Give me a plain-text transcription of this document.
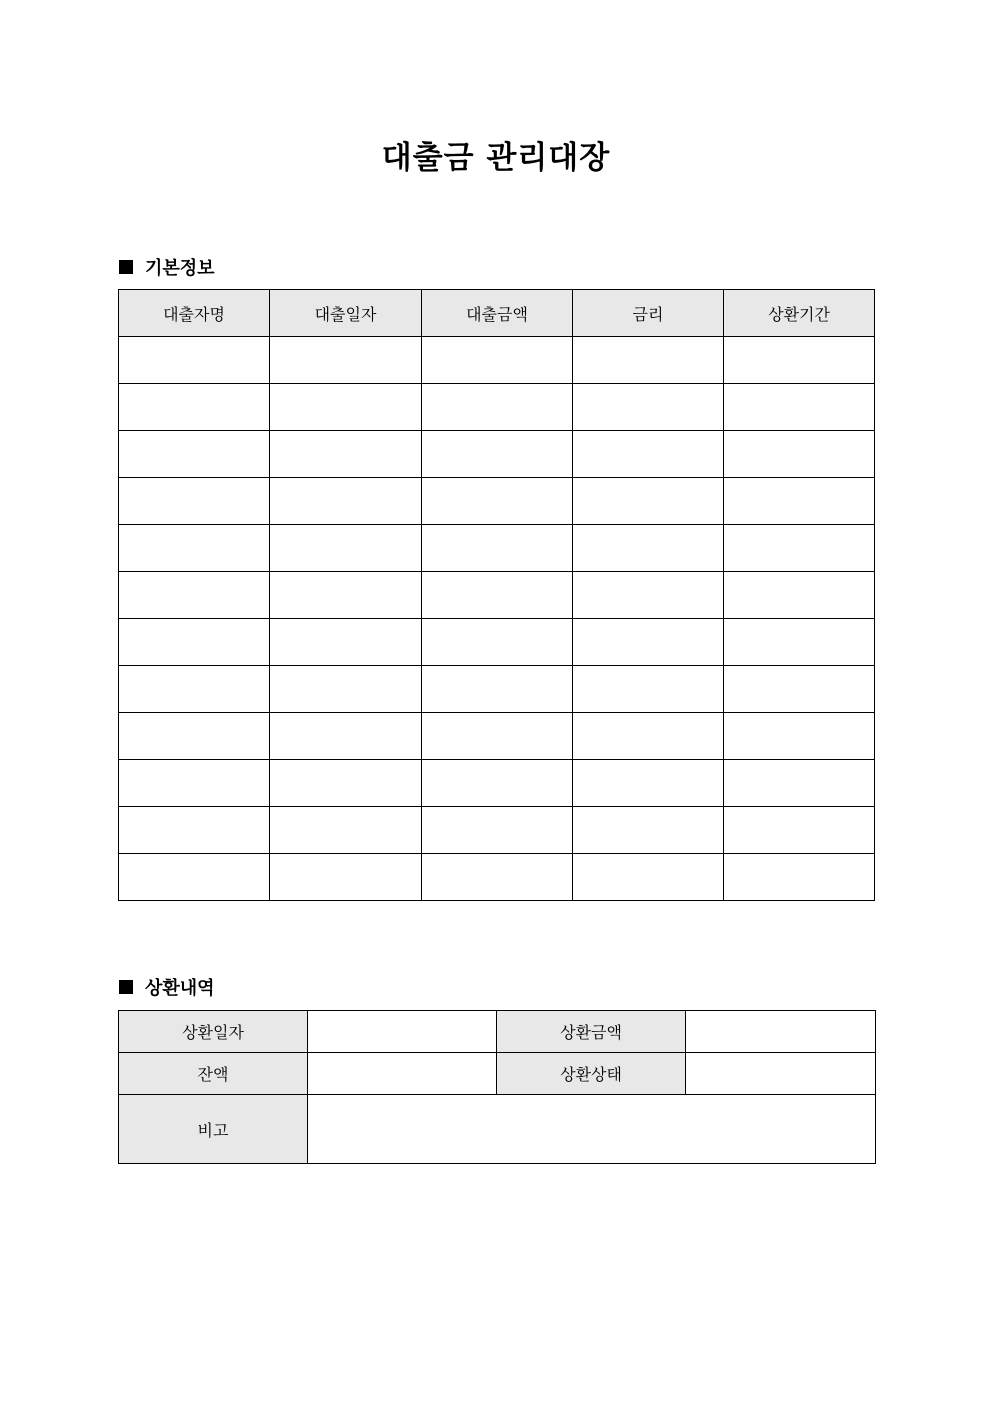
대출금 관리대장
기본정보
대출자명	대출일자	대출금액	금리	상환기간

상환내역
상환일자		상환금액	
잔액		상환상태	
비고			
